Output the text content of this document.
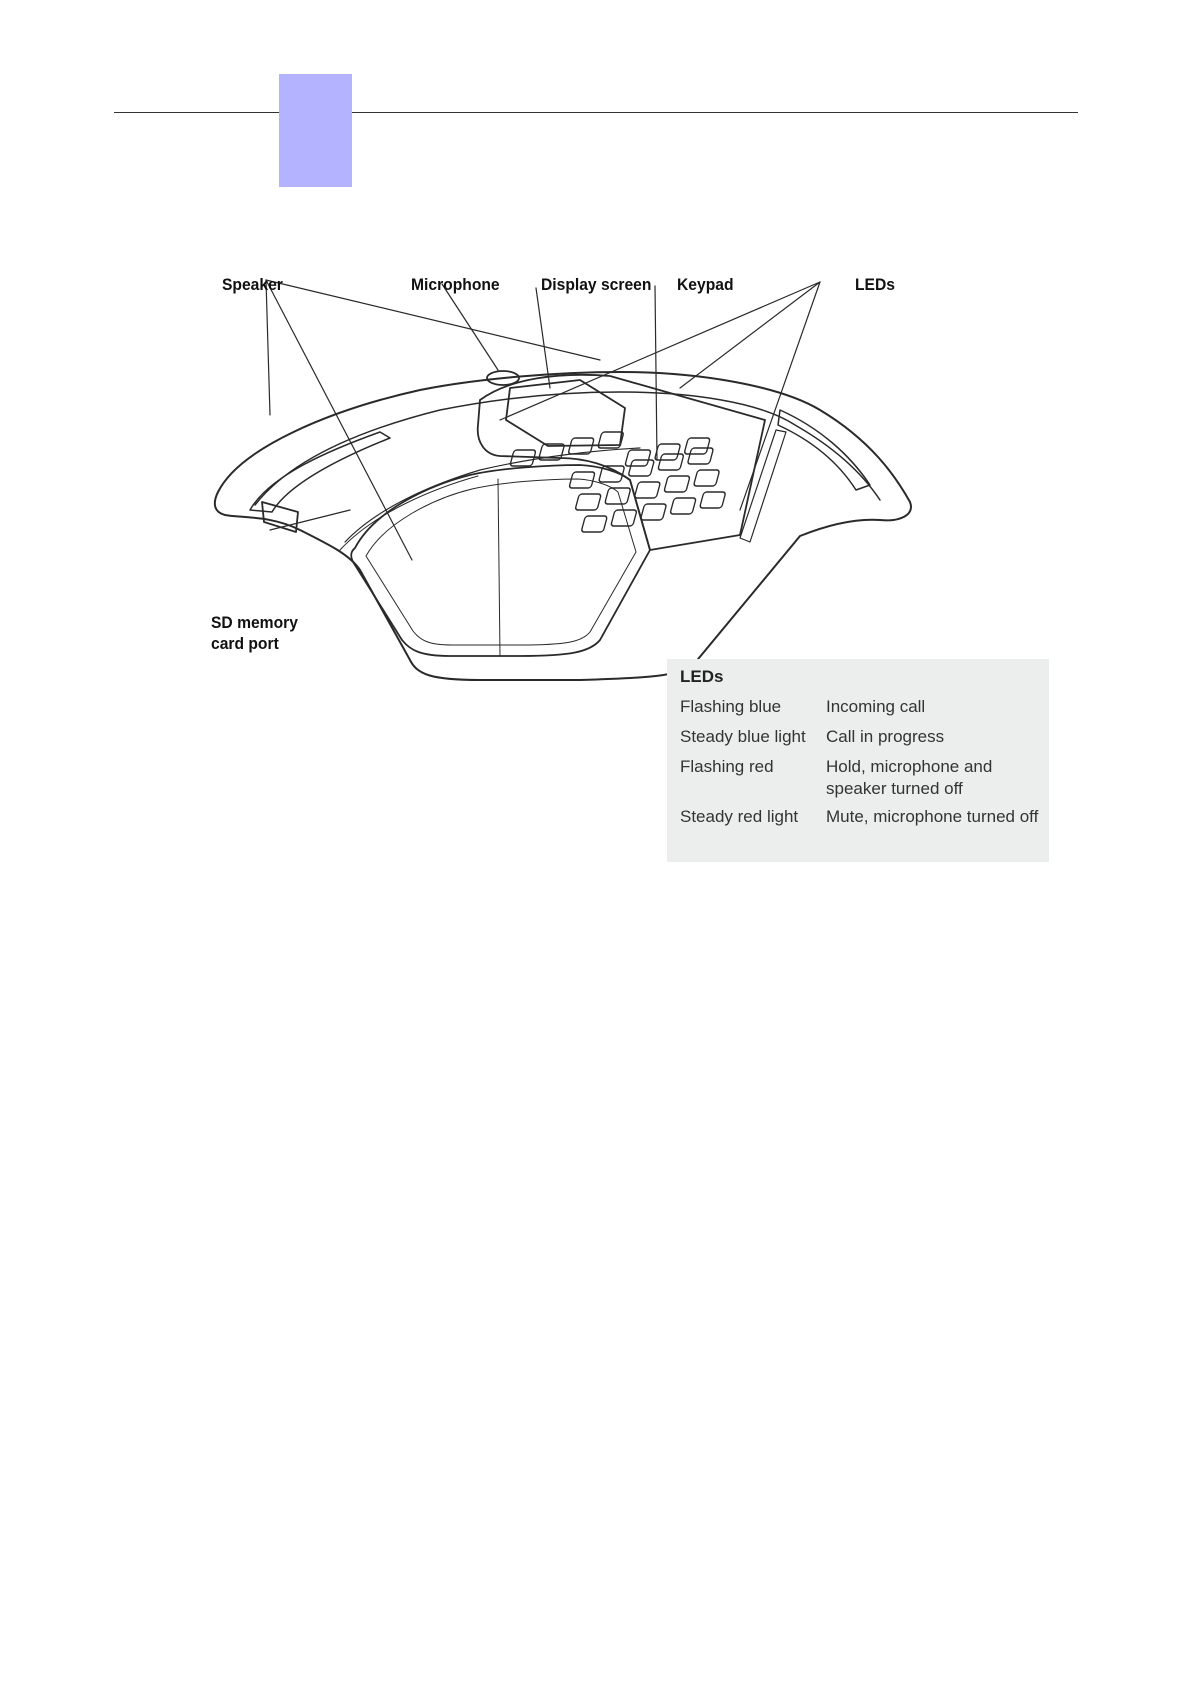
Speaker	Microphone Display screen Keypad	LEDs
SD memory card port
LEDs
Flashing blue	Incoming call
Steady blue light	Call in progress
Flashing red	Hold, microphone and speaker turned off
Steady red light	Mute, microphone turned off
